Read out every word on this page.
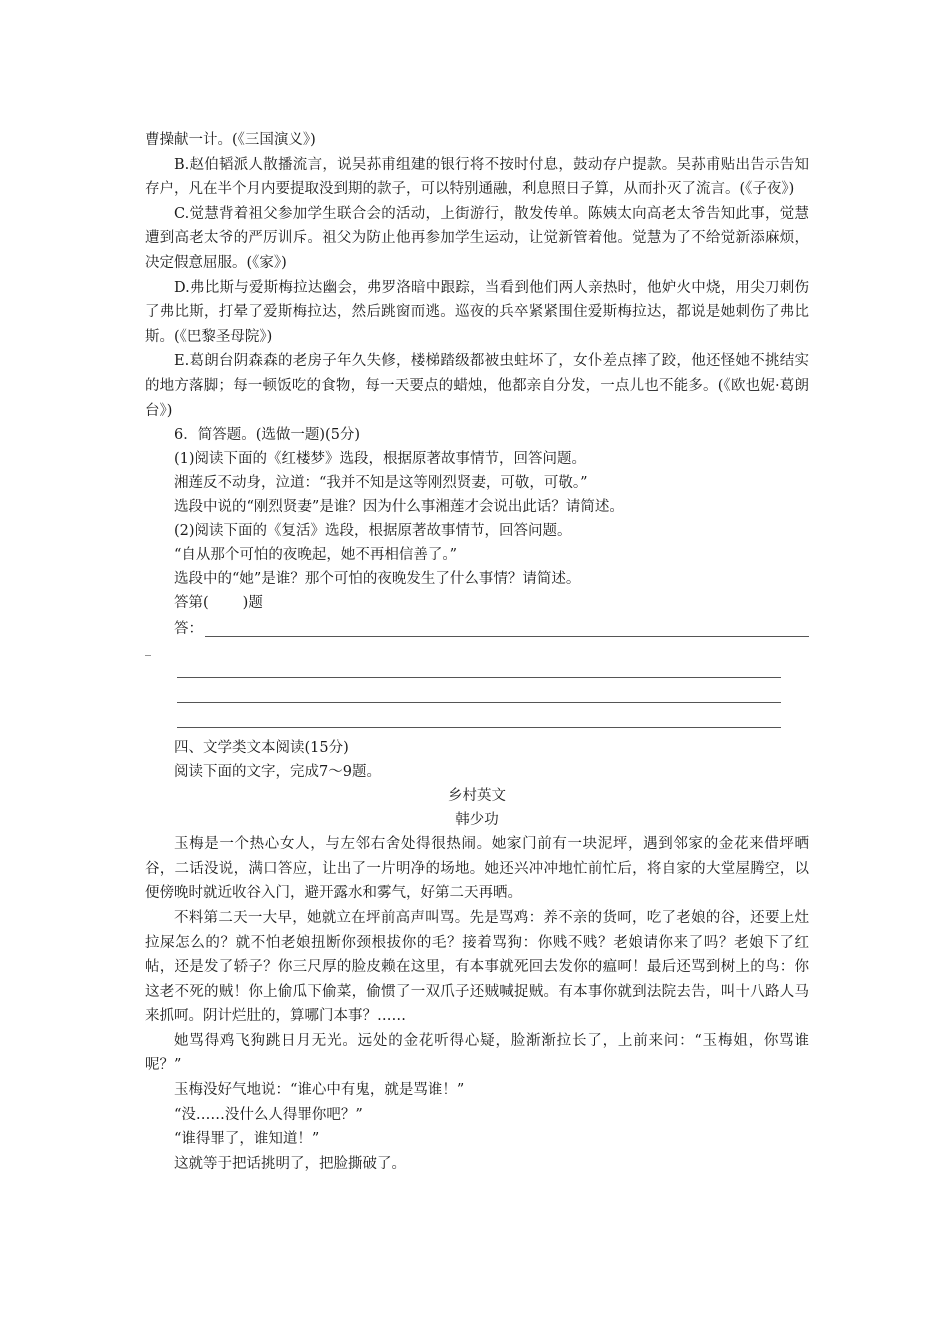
曹操献一计。(《三国演义》)

B.赵伯韬派人散播流言，说吴荪甫组建的银行将不按时付息，鼓动存户提款。吴荪甫贴出告示告知存户，凡在半个月内要提取没到期的款子，可以特别通融，利息照日子算，从而扑灭了流言。(《子夜》)

C.觉慧背着祖父参加学生联合会的活动，上街游行，散发传单。陈姨太向高老太爷告知此事，觉慧遭到高老太爷的严厉训斥。祖父为防止他再参加学生运动，让觉新管着他。觉慧为了不给觉新添麻烦，决定假意屈服。(《家》)

D.弗比斯与爱斯梅拉达幽会，弗罗洛暗中跟踪，当看到他们两人亲热时，他妒火中烧，用尖刀刺伤了弗比斯，打晕了爱斯梅拉达，然后跳窗而逃。巡夜的兵卒紧紧围住爱斯梅拉达，都说是她刺伤了弗比斯。(《巴黎圣母院》)

E.葛朗台阴森森的老房子年久失修，楼梯踏级都被虫蛀坏了，女仆差点摔了跤，他还怪她不挑结实的地方落脚；每一顿饭吃的食物，每一天要点的蜡烛，他都亲自分发，一点儿也不能多。(《欧也妮·葛朗台》)

6．简答题。(选做一题)(5分)

(1)阅读下面的《红楼梦》选段，根据原著故事情节，回答问题。

湘莲反不动身，泣道：“我并不知是这等刚烈贤妻，可敬，可敬。”

选段中说的“刚烈贤妻”是谁？因为什么事湘莲才会说出此话？请简述。

(2)阅读下面的《复活》选段，根据原著故事情节，回答问题。

“自从那个可怕的夜晚起，她不再相信善了。”

选段中的“她”是谁？那个可怕的夜晚发生了什么事情？请简述。

答第( )题

答：
_

四、文学类文本阅读(15分)

阅读下面的文字，完成7～9题。

乡村英文

韩少功

玉梅是一个热心女人，与左邻右舍处得很热闹。她家门前有一块泥坪，遇到邻家的金花来借坪晒谷，二话没说，满口答应，让出了一片明净的场地。她还兴冲冲地忙前忙后，将自家的大堂屋腾空，以便傍晚时就近收谷入门，避开露水和雾气，好第二天再晒。

不料第二天一大早，她就立在坪前高声叫骂。先是骂鸡：养不亲的货呵，吃了老娘的谷，还要上灶拉屎怎么的？就不怕老娘扭断你颈根拔你的毛？接着骂狗：你贱不贱？老娘请你来了吗？老娘下了红帖，还是发了轿子？你三尺厚的脸皮赖在这里，有本事就死回去发你的瘟呵！最后还骂到树上的鸟：你这老不死的贼！你上偷瓜下偷菜，偷惯了一双爪子还贼喊捉贼。有本事你就到法院去告，叫十八路人马来抓呵。阴计烂肚的，算哪门本事？……

她骂得鸡飞狗跳日月无光。远处的金花听得心疑，脸渐渐拉长了，上前来问：“玉梅姐，你骂谁呢？”

玉梅没好气地说：“谁心中有鬼，就是骂谁！”

“没……没什么人得罪你吧？”

“谁得罪了，谁知道！”

这就等于把话挑明了，把脸撕破了。
